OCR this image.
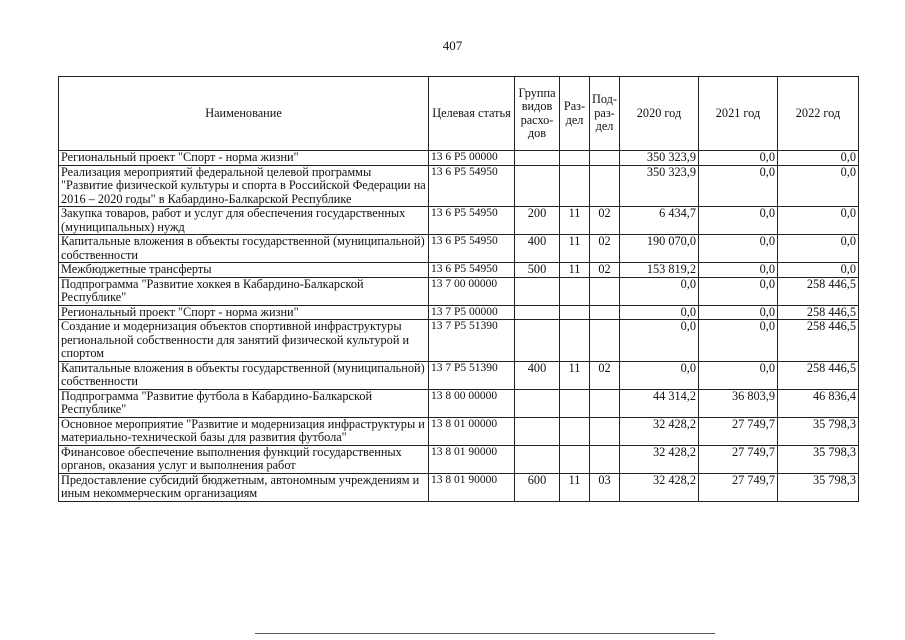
407
Наименование	Целевая статья	Группа видов расхо-дов	Раз-дел	Под-раз-дел	2020 год	2021 год	2022 год
Региональный проект "Спорт - норма жизни"	13 6 P5 00000				350 323,9	0,0	0,0
Реализация мероприятий федеральной целевой программы "Развитие физической культуры и спорта в Российской Федерации на 2016 – 2020 годы" в Кабардино-Балкарской Республике	13 6 P5 54950				350 323,9	0,0	0,0
Закупка товаров, работ и услуг для обеспечения государственных (муниципальных) нужд	13 6 P5 54950	200	11	02	6 434,7	0,0	0,0
Капитальные вложения в объекты государственной (муниципальной) собственности	13 6 P5 54950	400	11	02	190 070,0	0,0	0,0
Межбюджетные трансферты	13 6 P5 54950	500	11	02	153 819,2	0,0	0,0
Подпрограмма "Развитие хоккея в Кабардино-Балкарской Республике"	13 7 00 00000				0,0	0,0	258 446,5
Региональный проект "Спорт - норма жизни"	13 7 P5 00000				0,0	0,0	258 446,5
Создание и модернизация объектов спортивной инфраструктуры региональной собственности для занятий физической культурой и спортом	13 7 P5 51390				0,0	0,0	258 446,5
Капитальные вложения в объекты государственной (муниципальной) собственности	13 7 P5 51390	400	11	02	0,0	0,0	258 446,5
Подпрограмма "Развитие футбола в Кабардино-Балкарской Республике"	13 8 00 00000				44 314,2	36 803,9	46 836,4
Основное мероприятие "Развитие и модернизация инфраструктуры и материально-технической базы для развития футбола"	13 8 01 00000				32 428,2	27 749,7	35 798,3
Финансовое обеспечение выполнения функций государственных органов, оказания услуг и выполнения работ	13 8 01 90000				32 428,2	27 749,7	35 798,3
Предоставление субсидий бюджетным, автономным учреждениям и иным некоммерческим организациям	13 8 01 90000	600	11	03	32 428,2	27 749,7	35 798,3
